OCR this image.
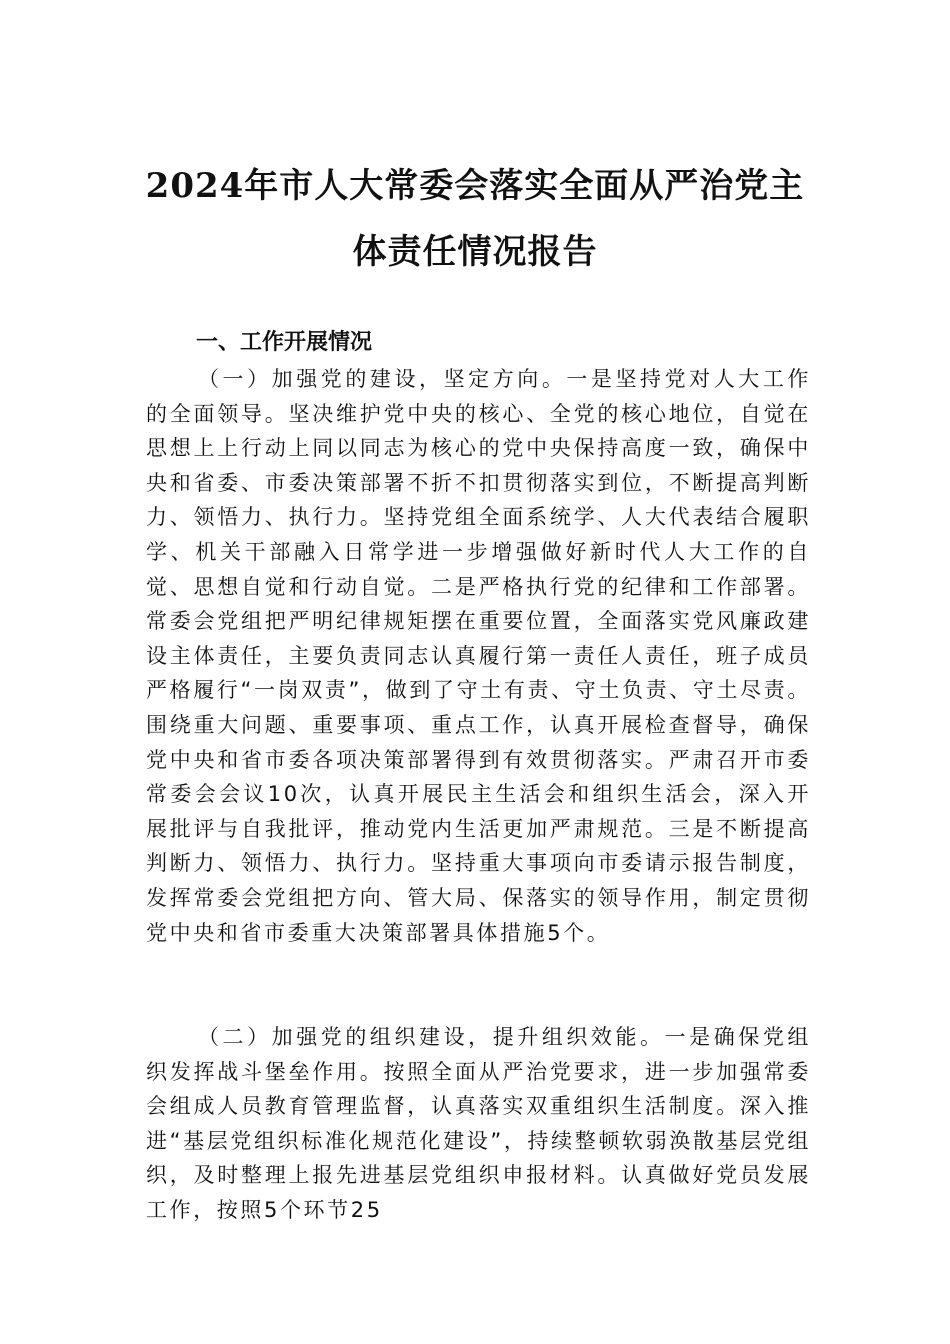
2024年市人大常委会落实全面从严治党主
体责任情况报告
一、工作开展情况

（一）加强党的建设，坚定方向。一是坚持党对人大工作的全面领导。坚决维护党中央的核心、全党的核心地位，自觉在思想上上行动上同以同志为核心的党中央保持高度一致，确保中央和省委、市委决策部署不折不扣贯彻落实到位，不断提高判断力、领悟力、执行力。坚持党组全面系统学、人大代表结合履职学、机关干部融入日常学进一步增强做好新时代人大工作的自觉、思想自觉和行动自觉。二是严格执行党的纪律和工作部署。常委会党组把严明纪律规矩摆在重要位置，全面落实党风廉政建设主体责任，主要负责同志认真履行第一责任人责任，班子成员严格履行“一岗双责”，做到了守土有责、守土负责、守土尽责。围绕重大问题、重要事项、重点工作，认真开展检查督导，确保党中央和省市委各项决策部署得到有效贯彻落实。严肃召开市委常委会会议10次，认真开展民主生活会和组织生活会，深入开展批评与自我批评，推动党内生活更加严肃规范。三是不断提高判断力、领悟力、执行力。坚持重大事项向市委请示报告制度，发挥常委会党组把方向、管大局、保落实的领导作用，制定贯彻党中央和省市委重大决策部署具体措施5个。

（二）加强党的组织建设，提升组织效能。一是确保党组织发挥战斗堡垒作用。按照全面从严治党要求，进一步加强常委会组成人员教育管理监督，认真落实双重组织生活制度。深入推进“基层党组织标准化规范化建设”，持续整顿软弱涣散基层党组织，及时整理上报先进基层党组织申报材料。认真做好党员发展工作，按照5个环节25
